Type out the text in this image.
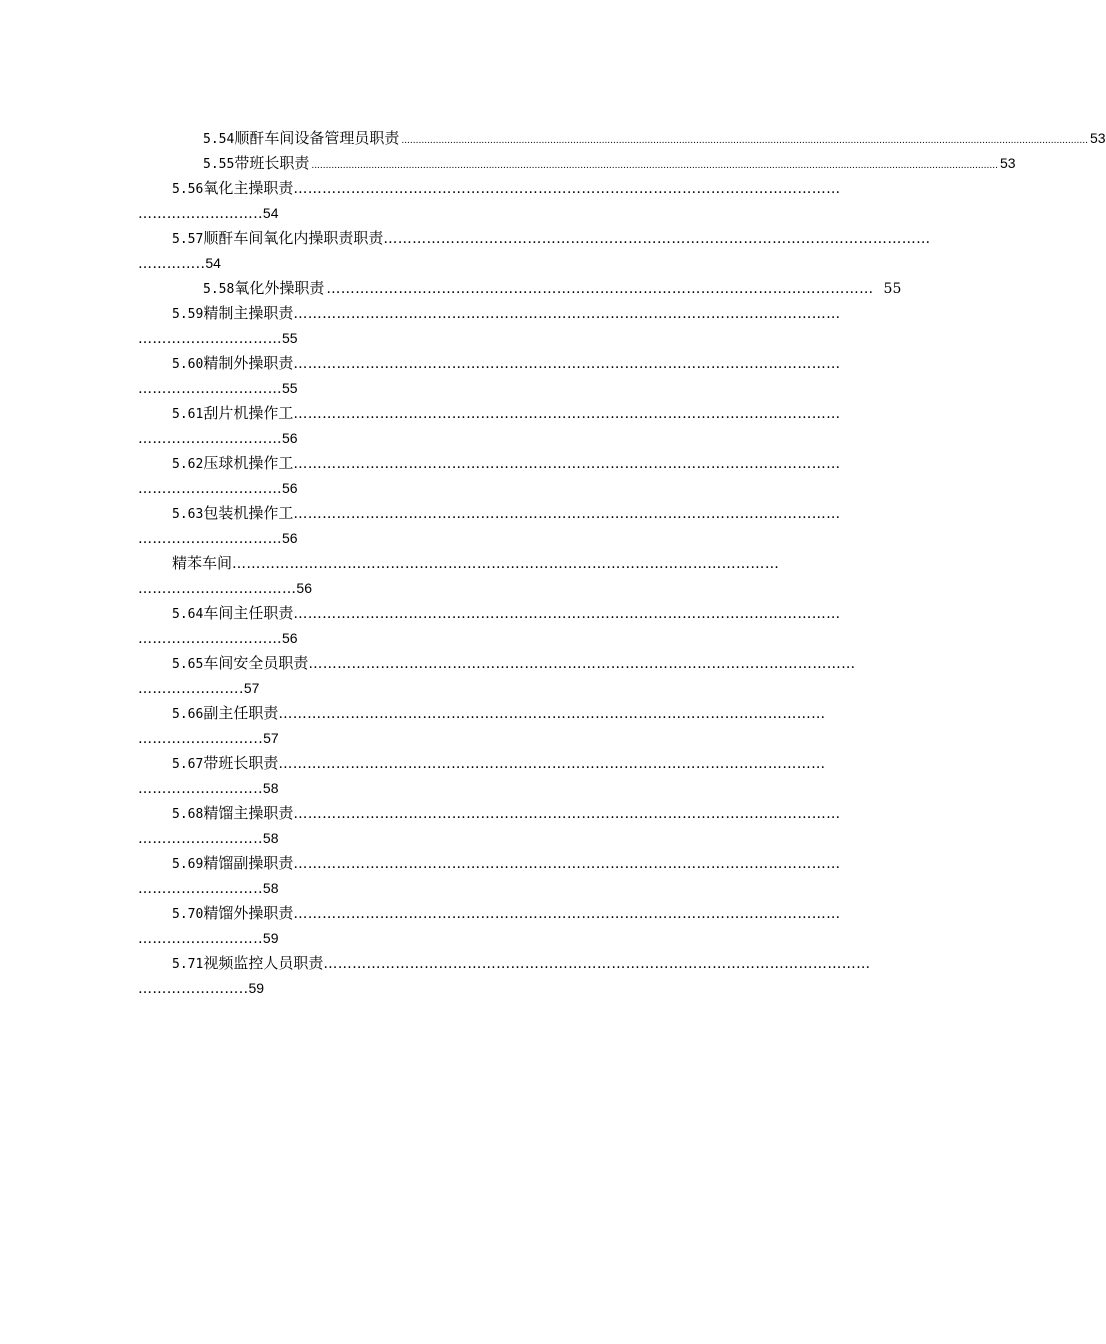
5.54顺酐车间设备管理员职责 ................................................................................................................................................................................................................................................ 53
5.55带班长职责 ................................................................................................................................................................................................................................................ 53
5.56氧化主操职责 ……………………………………………………………………………………………………
…………………….. 54
5.57顺酐车间氧化内操职责职责 ……………………………………………………………………………………………………
………….. 54
5.58氧化外操职责 …………………………………………………………………………………………………… 55
5.59精制主操职责 ……………………………………………………………………………………………………
………………………… 55
5.60精制外操职责 ……………………………………………………………………………………………………
………………………… 55
5.61刮片机操作工 ……………………………………………………………………………………………………
………………………… 56
5.62压球机操作工 ……………………………………………………………………………………………………
………………………… 56
5.63包装机操作工 ……………………………………………………………………………………………………
………………………… 56
精苯车间 ……………………………………………………………………………………………………
…………………………… 56
5.64车间主任职责 ……………………………………………………………………………………………………
………………………… 56
5.65车间安全员职责 ……………………………………………………………………………………………………
………...………. 57
5.66副主任职责 ……………………………………………………………………………………………………
………………..…... 57
5.67带班长职责 ……………………………………………………………………………………………………
…………………….. 58
5.68精馏主操职责 ……………………………………………………………………………………………………
…………………….. 58
5.69精馏副操职责 ……………………………………………………………………………………………………
…………………….. 58
5.70精馏外操职责 ……………………………………………………………………………………………………
…………………….. 59
5.71视频监控人员职责 ……………………………………………………………………………………………………
………………….. 59
